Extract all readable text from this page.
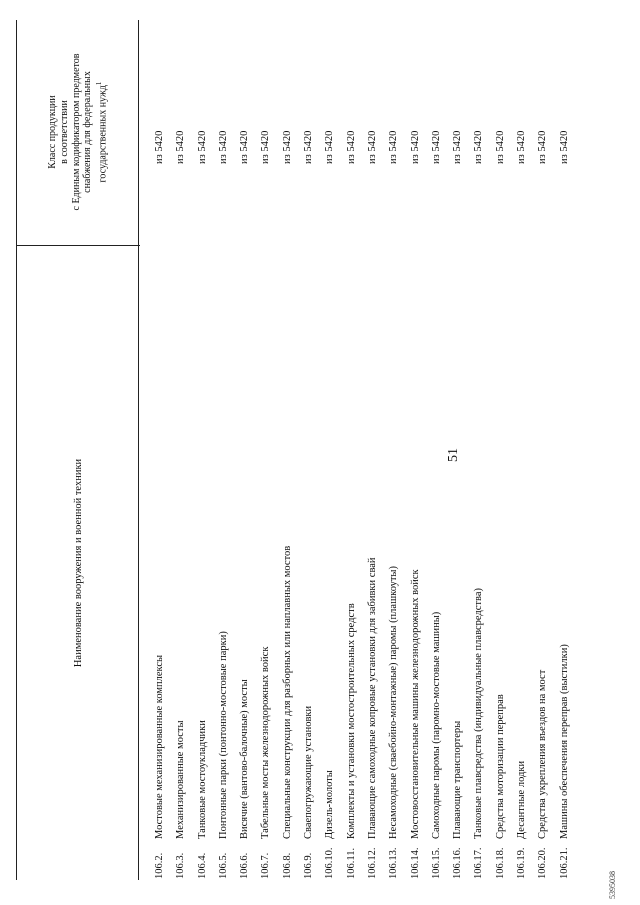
51
Наименование вооружения и военной техники
Класс продукции в соответствии с Единым кодификатором предметов снабжения для федеральных государственных нужд$^1$
106.2.
Мостовые механизированные комплексы
из 5420
106.3.
Механизированные мосты
из 5420
106.4.
Танковые мостоукладчики
из 5420
106.5.
Понтонные парки (понтонно-мостовые парки)
из 5420
106.6.
Висячие (вантово-балочные) мосты
из 5420
106.7.
Табельные мосты железнодорожных войск
из 5420
106.8.
Специальные конструкции для разборных или наплавных мостов
из 5420
106.9.
Сваепогружающие установки
из 5420
106.10.
Дизель-молоты
из 5420
106.11.
Комплекты и установки мостостроительных средств
из 5420
106.12.
Плавающие самоходные копровые установки для забивки свай
из 5420
106.13.
Несамоходные (сваебойно-монтажные) паромы (плашкоуты)
из 5420
106.14.
Мостовосстановительные машины железнодорожных войск
из 5420
106.15.
Самоходные паромы (паромно-мостовые машины)
из 5420
106.16.
Плавающие транспортеры
из 5420
106.17.
Танковые плавсредства (индивидуальные плавсредства)
из 5420
106.18.
Средства моторизации переправ
из 5420
106.19.
Десантные лодки
из 5420
106.20.
Средства укрепления въездов на мост
из 5420
106.21.
Машины обеспечения переправ (выстилки)
из 5420
5395038
